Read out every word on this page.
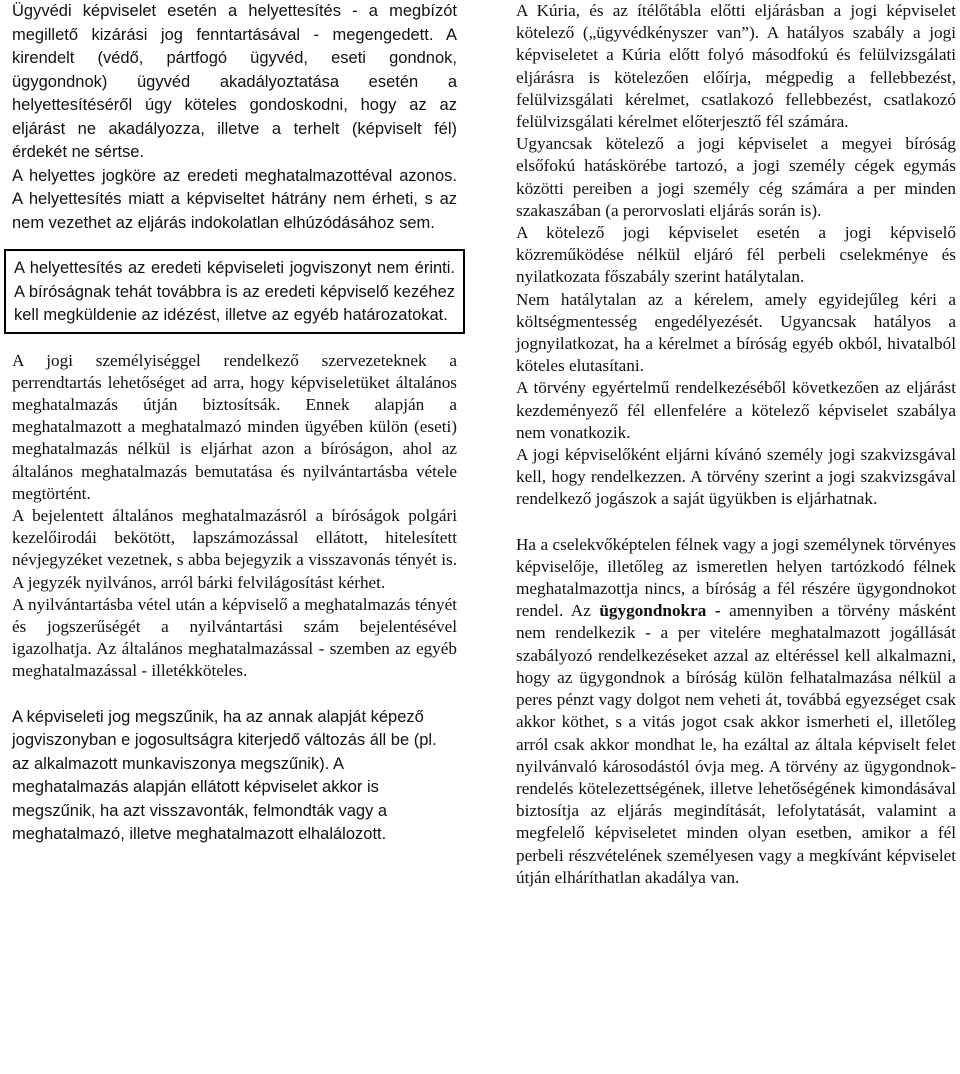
Ügyvédi képviselet esetén a helyettesítés - a megbízót megillető kizárási jog fenntartásával - megengedett. A kirendelt (védő, pártfogó ügyvéd, eseti gondnok, ügygondnok) ügyvéd akadályoztatása esetén a helyettesítéséről úgy köteles gondoskodni, hogy az az eljárást ne akadályozza, illetve a terhelt (képviselt fél) érdekét ne sértse.

A helyettes jogköre az eredeti meghatalmazottéval azonos. A helyettesítés miatt a képviseltet hátrány nem érheti, s az nem vezethet az eljárás indokolatlan elhúzódásához sem.

A helyettesítés az eredeti képviseleti jogviszonyt nem érinti. A bíróságnak tehát továbbra is az eredeti képviselő kezéhez kell megküldenie az idézést, illetve az egyéb határozatokat.

A jogi személyiséggel rendelkező szervezeteknek a perrendtartás lehetőséget ad arra, hogy képviseletüket általános meghatalmazás útján biztosítsák. Ennek alapján a meghatalmazott a meghatalmazó minden ügyében külön (eseti) meghatalmazás nélkül is eljárhat azon a bíróságon, ahol az általános meghatalmazás bemutatása és nyilvántartásba vétele megtörtént.

A bejelentett általános meghatalmazásról a bíróságok polgári kezelőirodái bekötött, lapszámozással ellátott, hitelesített névjegyzéket vezetnek, s abba bejegyzik a visszavonás tényét is. A jegyzék nyilvános, arról bárki felvilágosítást kérhet.

A nyilvántartásba vétel után a képviselő a meghatalmazás tényét és jogszerűségét a nyilvántartási szám bejelentésével igazolhatja. Az általános meghatalmazással - szemben az egyéb meghatalmazással - illetékköteles.

A képviseleti jog megszűnik, ha az annak alapját képező jogviszonyban e jogosultságra kiterjedő változás áll be (pl. az alkalmazott munkaviszonya megszűnik). A meghatalmazás alapján ellátott képviselet akkor is megszűnik, ha azt visszavonták, felmondták vagy a meghatalmazó, illetve meghatalmazott elhalálozott.

A Kúria, és az ítélőtábla előtti eljárásban a jogi képviselet kötelező („ügyvédkényszer van”). A hatályos szabály a jogi képviseletet a Kúria előtt folyó másodfokú és felülvizsgálati eljárásra is kötelezően előírja, mégpedig a fellebbezést, felülvizsgálati kérelmet, csatlakozó fellebbezést, csatlakozó felülvizsgálati kérelmet előterjesztő fél számára.

Ugyancsak kötelező a jogi képviselet a megyei bíróság elsőfokú hatáskörébe tartozó, a jogi személy cégek egymás közötti pereiben a jogi személy cég számára a per minden szakaszában (a perorvoslati eljárás során is).

A kötelező jogi képviselet esetén a jogi képviselő közreműködése nélkül eljáró fél perbeli cselekménye és nyilatkozata főszabály szerint hatálytalan.

Nem hatálytalan az a kérelem, amely egyidejűleg kéri a költségmentesség engedélyezését. Ugyancsak hatályos a jognyilatkozat, ha a kérelmet a bíróság egyéb okból, hivatalból köteles elutasítani.

A törvény egyértelmű rendelkezéséből következően az eljárást kezdeményező fél ellenfelére a kötelező képviselet szabálya nem vonatkozik.

A jogi képviselőként eljárni kívánó személy jogi szakvizsgával kell, hogy rendelkezzen. A törvény szerint a jogi szakvizsgával rendelkező jogászok a saját ügyükben is eljárhatnak.

Ha a cselekvőképtelen félnek vagy a jogi személynek törvényes képviselője, illetőleg az ismeretlen helyen tartózkodó félnek meghatalmazottja nincs, a bíróság a fél részére ügygondnokot rendel. Az ügygondnokra - amennyiben a törvény másként nem rendelkezik - a per vitelére meghatalmazott jogállását szabályozó rendelkezéseket azzal az eltéréssel kell alkalmazni, hogy az ügygondnok a bíróság külön felhatalmazása nélkül a peres pénzt vagy dolgot nem veheti át, továbbá egyezséget csak akkor köthet, s a vitás jogot csak akkor ismerheti el, illetőleg arról csak akkor mondhat le, ha ezáltal az általa képviselt felet nyilvánvaló károsodástól óvja meg. A törvény az ügygondnok-rendelés kötelezettségének, illetve lehetőségének kimondásával biztosítja az eljárás megindítását, lefolytatását, valamint a megfelelő képviseletet minden olyan esetben, amikor a fél perbeli részvételének személyesen vagy a megkívánt képviselet útján elháríthatlan akadálya van.
